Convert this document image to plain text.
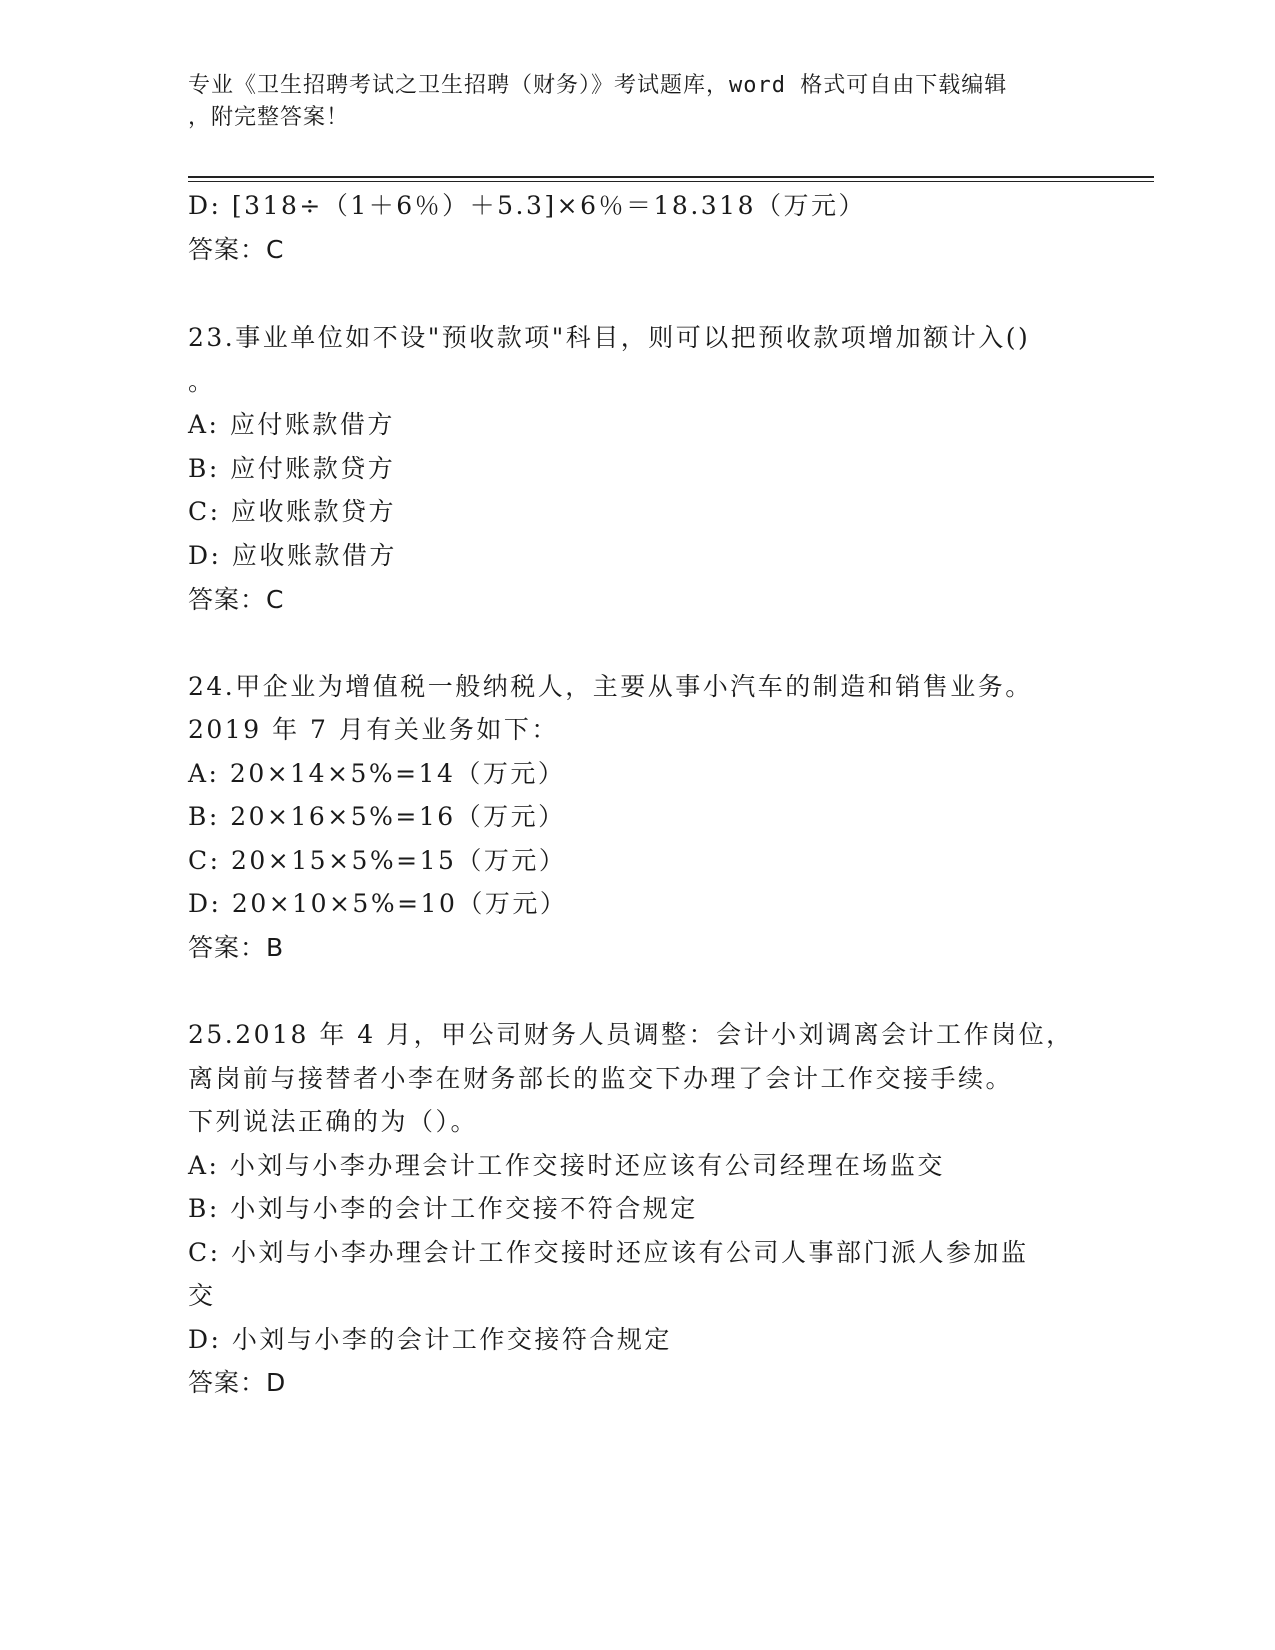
专业《卫生招聘考试之卫生招聘（财务）》考试题库，word 格式可自由下载编辑
，附完整答案！
D: [318÷（1＋6％）＋5.3]×6％＝18.318（万元）
答案：C
23.事业单位如不设"预收款项"科目，则可以把预收款项增加额计入()
。
A: 应付账款借方
B: 应付账款贷方
C: 应收账款贷方
D: 应收账款借方
答案：C
24.甲企业为增值税一般纳税人，主要从事小汽车的制造和销售业务。
2019 年 7 月有关业务如下：
A: 20×14×5%=14（万元）
B: 20×16×5%=16（万元）
C: 20×15×5%=15（万元）
D: 20×10×5%=10（万元）
答案：B
25.2018 年 4 月，甲公司财务人员调整：会计小刘调离会计工作岗位，
离岗前与接替者小李在财务部长的监交下办理了会计工作交接手续。
下列说法正确的为（）。
A: 小刘与小李办理会计工作交接时还应该有公司经理在场监交
B: 小刘与小李的会计工作交接不符合规定
C: 小刘与小李办理会计工作交接时还应该有公司人事部门派人参加监
交
D: 小刘与小李的会计工作交接符合规定
答案：D
